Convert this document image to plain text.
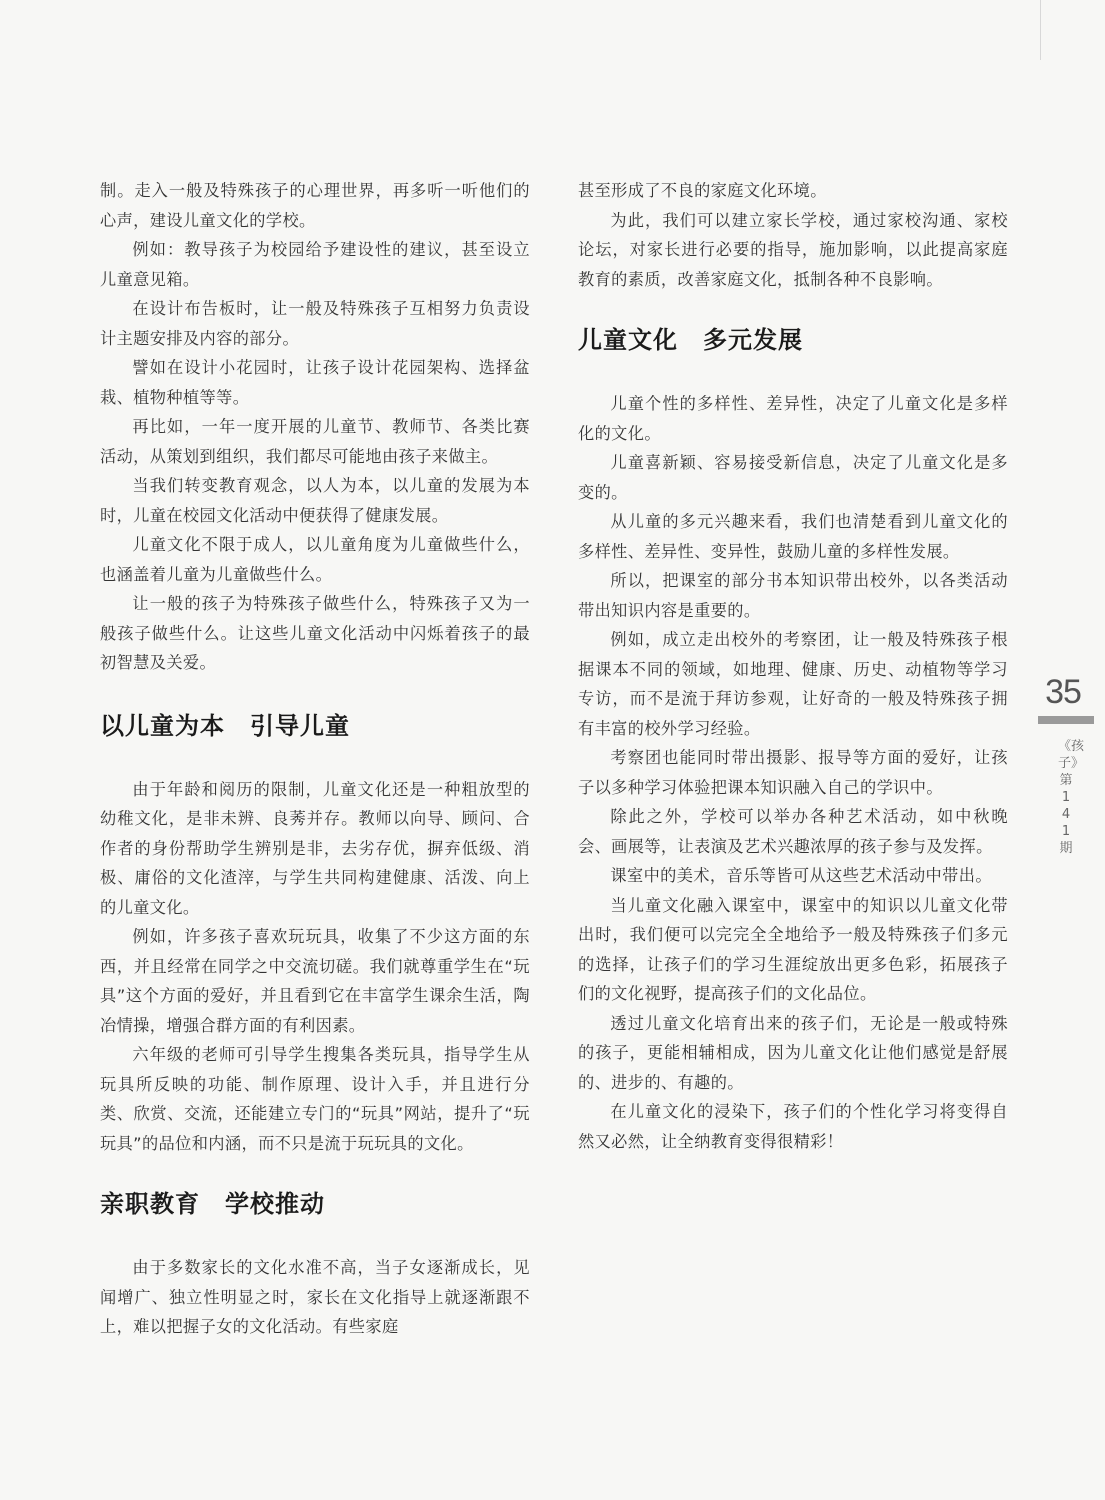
制。走入一般及特殊孩子的心理世界，再多听一听他们的心声，建设儿童文化的学校。

例如：教导孩子为校园给予建设性的建议，甚至设立儿童意见箱。

在设计布告板时，让一般及特殊孩子互相努力负责设计主题安排及内容的部分。

譬如在设计小花园时，让孩子设计花园架构、选择盆栽、植物种植等等。

再比如，一年一度开展的儿童节、教师节、各类比赛活动，从策划到组织，我们都尽可能地由孩子来做主。

当我们转变教育观念，以人为本，以儿童的发展为本时，儿童在校园文化活动中便获得了健康发展。

儿童文化不限于成人，以儿童角度为儿童做些什么，也涵盖着儿童为儿童做些什么。

让一般的孩子为特殊孩子做些什么，特殊孩子又为一般孩子做些什么。让这些儿童文化活动中闪烁着孩子的最初智慧及关爱。

以儿童为本　引导儿童

由于年龄和阅历的限制，儿童文化还是一种粗放型的幼稚文化，是非未辨、良莠并存。教师以向导、顾问、合作者的身份帮助学生辨别是非，去劣存优，摒弃低级、消极、庸俗的文化渣滓，与学生共同构建健康、活泼、向上的儿童文化。

例如，许多孩子喜欢玩玩具，收集了不少这方面的东西，并且经常在同学之中交流切磋。我们就尊重学生在“玩具”这个方面的爱好，并且看到它在丰富学生课余生活，陶冶情操，增强合群方面的有利因素。

六年级的老师可引导学生搜集各类玩具，指导学生从玩具所反映的功能、制作原理、设计入手，并且进行分类、欣赏、交流，还能建立专门的“玩具”网站，提升了“玩玩具”的品位和内涵，而不只是流于玩玩具的文化。

亲职教育　学校推动

由于多数家长的文化水准不高，当子女逐渐成长，见闻增广、独立性明显之时，家长在文化指导上就逐渐跟不上，难以把握子女的文化活动。有些家庭

甚至形成了不良的家庭文化环境。

为此，我们可以建立家长学校，通过家校沟通、家校论坛，对家长进行必要的指导，施加影响，以此提高家庭教育的素质，改善家庭文化，抵制各种不良影响。

儿童文化　多元发展

儿童个性的多样性、差异性，决定了儿童文化是多样化的文化。

儿童喜新颖、容易接受新信息，决定了儿童文化是多变的。

从儿童的多元兴趣来看，我们也清楚看到儿童文化的多样性、差异性、变异性，鼓励儿童的多样性发展。

所以，把课室的部分书本知识带出校外，以各类活动带出知识内容是重要的。

例如，成立走出校外的考察团，让一般及特殊孩子根据课本不同的领域，如地理、健康、历史、动植物等学习专访，而不是流于拜访参观，让好奇的一般及特殊孩子拥有丰富的校外学习经验。

考察团也能同时带出摄影、报导等方面的爱好，让孩子以多种学习体验把课本知识融入自己的学识中。

除此之外，学校可以举办各种艺术活动，如中秋晚会、画展等，让表演及艺术兴趣浓厚的孩子参与及发挥。

课室中的美术，音乐等皆可从这些艺术活动中带出。

当儿童文化融入课室中，课室中的知识以儿童文化带出时，我们便可以完完全全地给予一般及特殊孩子们多元的选择，让孩子们的学习生涯绽放出更多色彩，拓展孩子们的文化视野，提高孩子们的文化品位。

透过儿童文化培育出来的孩子们，无论是一般或特殊的孩子，更能相辅相成，因为儿童文化让他们感觉是舒展的、进步的、有趣的。

在儿童文化的浸染下，孩子们的个性化学习将变得自然又必然，让全纳教育变得很精彩！

35
《孩子》第141期
